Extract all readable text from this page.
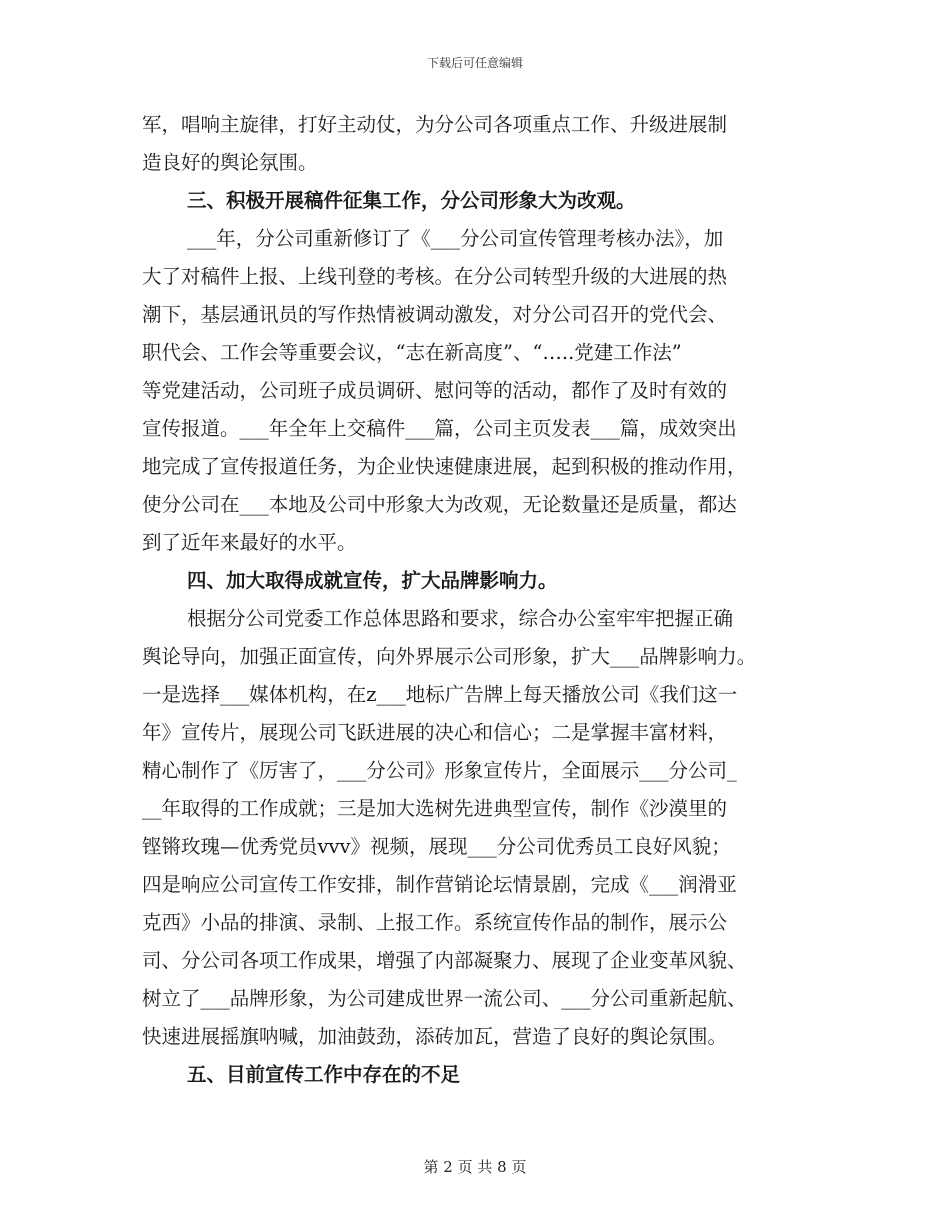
下载后可任意编辑
军，唱响主旋律，打好主动仗，为分公司各项重点工作、升级进展制
造良好的舆论氛围。
三、积极开展稿件征集工作，分公司形象大为改观。
___年，分公司重新修订了《___分公司宣传管理考核办法》，加
大了对稿件上报、上线刊登的考核。在分公司转型升级的大进展的热
潮下，基层通讯员的写作热情被调动激发，对分公司召开的党代会、
职代会、工作会等重要会议，“志在新高度”、“…..党建工作法”
等党建活动，公司班子成员调研、慰问等的活动，都作了及时有效的
宣传报道。___年全年上交稿件___篇，公司主页发表___篇，成效突出
地完成了宣传报道任务，为企业快速健康进展，起到积极的推动作用，
使分公司在___本地及公司中形象大为改观，无论数量还是质量，都达
到了近年来最好的水平。
四、加大取得成就宣传，扩大品牌影响力。
根据分公司党委工作总体思路和要求，综合办公室牢牢把握正确
舆论导向，加强正面宣传，向外界展示公司形象，扩大___品牌影响力。
一是选择___媒体机构，在z___地标广告牌上每天播放公司《我们这一
年》宣传片，展现公司飞跃进展的决心和信心；二是掌握丰富材料，
精心制作了《厉害了，___分公司》形象宣传片，全面展示___分公司_
__年取得的工作成就；三是加大选树先进典型宣传，制作《沙漠里的
铿锵玫瑰—优秀党员vvv》视频，展现___分公司优秀员工良好风貌；
四是响应公司宣传工作安排，制作营销论坛情景剧，完成《___润滑亚
克西》小品的排演、录制、上报工作。系统宣传作品的制作，展示公
司、分公司各项工作成果，增强了内部凝聚力、展现了企业变革风貌、
树立了___品牌形象，为公司建成世界一流公司、___分公司重新起航、
快速进展摇旗呐喊，加油鼓劲，添砖加瓦，营造了良好的舆论氛围。
五、目前宣传工作中存在的不足
第 2 页 共 8 页
